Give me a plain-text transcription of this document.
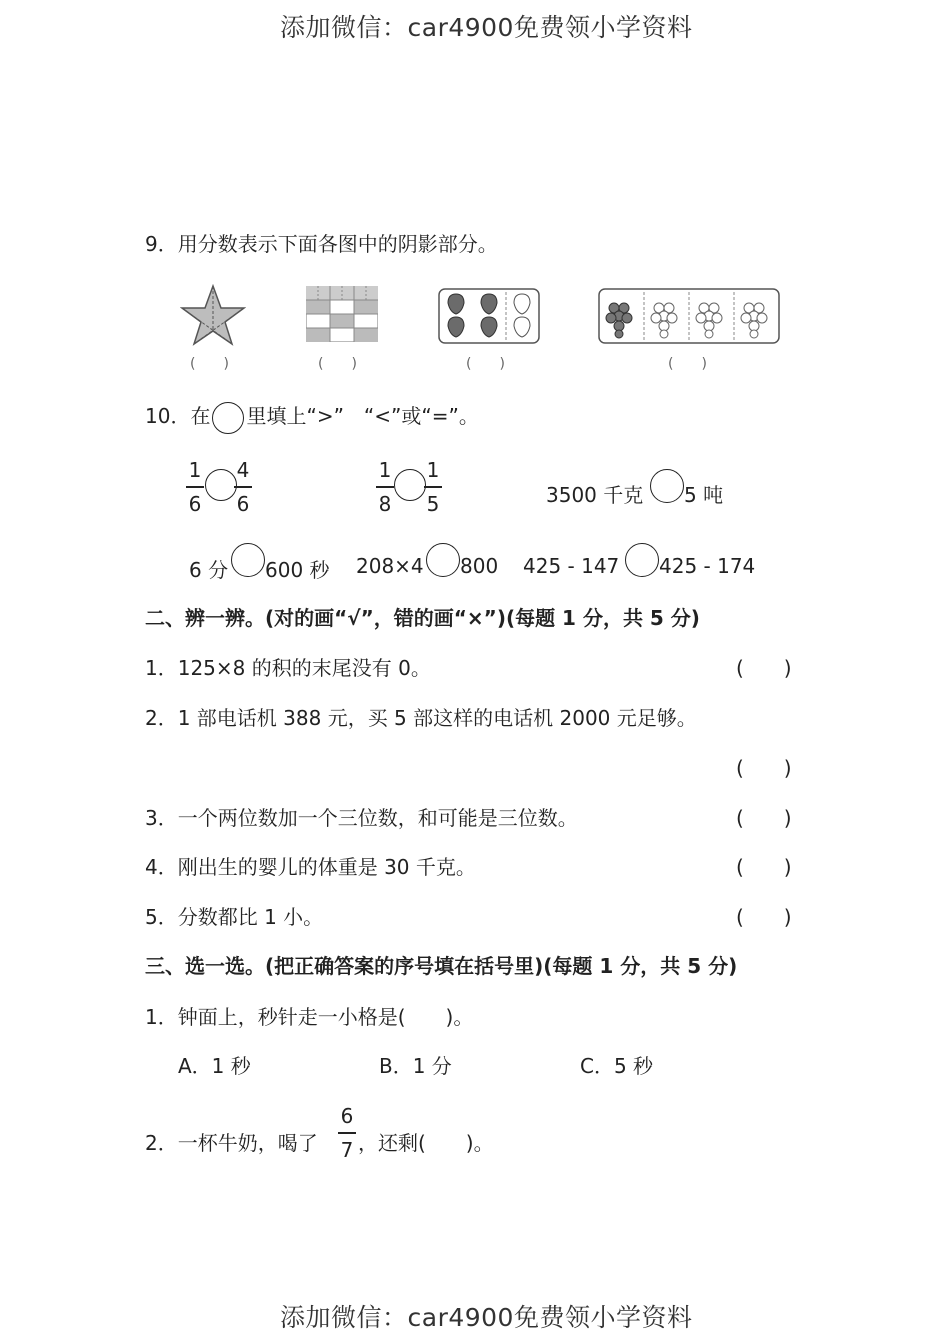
添加微信：car4900免费领小学资料
9．用分数表示下面各图中的阴影部分。
(　　)	(　　)	(　　)	(　　)
10．在 里填上“>”　“<”或“=”。
1
6
4
6
1
8
1
5	3500 千克 5 吨
6 分 600 秒 208×4 800 425 - 147 425 - 174
二、辨一辨。(对的画“√”，错的画“×”)(每题 1 分，共 5 分)
1．125×8 的积的末尾没有 0。	(　　)
2．1 部电话机 388 元，买 5 部这样的电话机 2000 元足够。
(　　)
3．一个两位数加一个三位数，和可能是三位数。	(　　)
4．刚出生的婴儿的体重是 30 千克。	(　　)
5．分数都比 1 小。	(　　)
三、选一选。(把正确答案的序号填在括号里)(每题 1 分，共 5 分)
1．钟面上，秒针走一小格是(　　)。
A．1 秒	B．1 分	C．5 秒
2．一杯牛奶，喝了
6
7 ，还剩(　　)。
添加微信：car4900免费领小学资料
